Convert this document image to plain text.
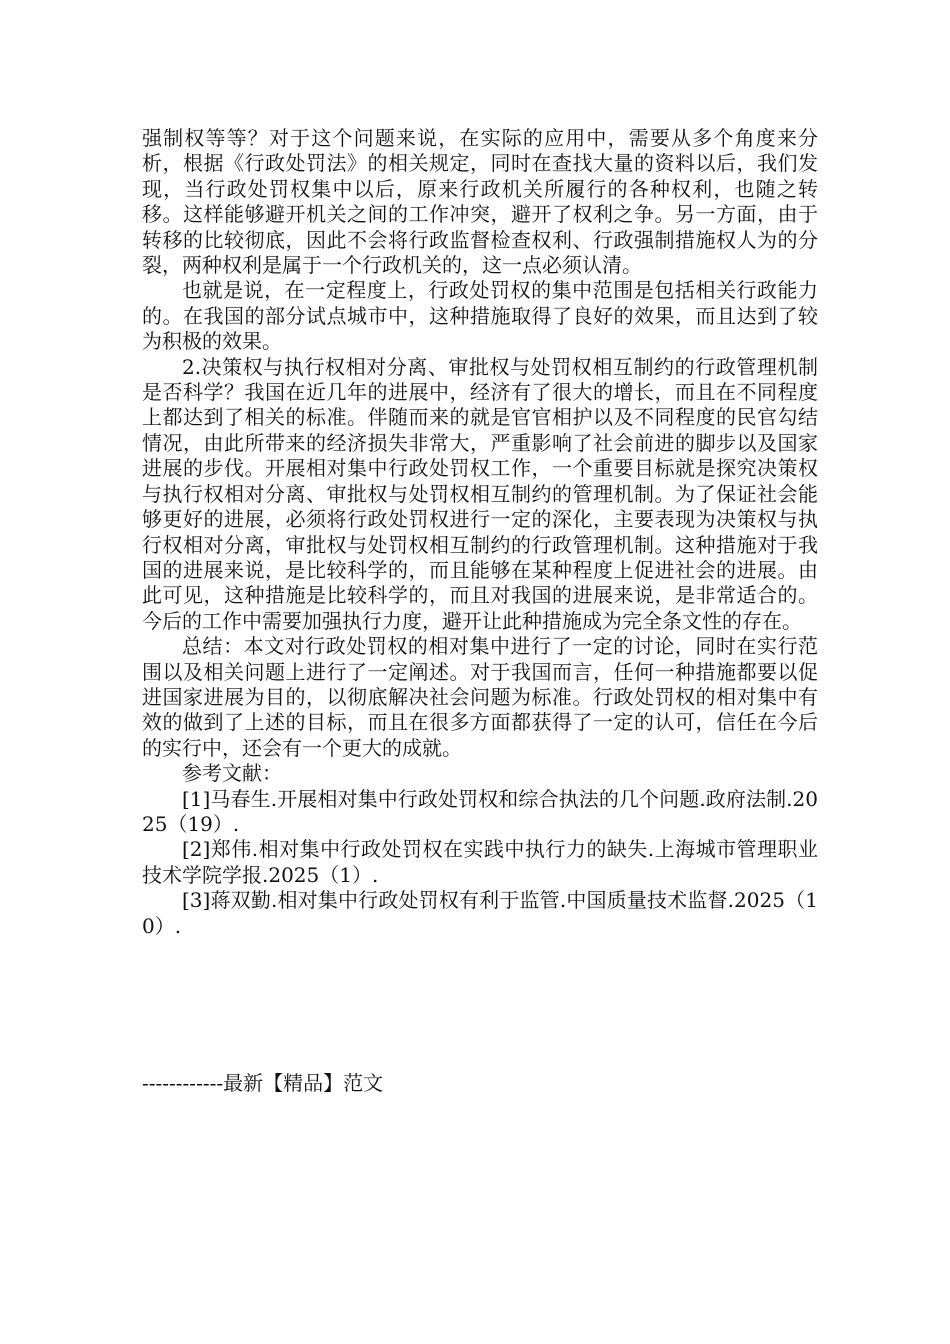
强制权等等？对于这个问题来说，在实际的应用中，需要从多个角度来分析，根据《行政处罚法》的相关规定，同时在查找大量的资料以后，我们发现，当行政处罚权集中以后，原来行政机关所履行的各种权利，也随之转移。这样能够避开机关之间的工作冲突，避开了权利之争。另一方面，由于转移的比较彻底，因此不会将行政监督检查权利、行政强制措施权人为的分裂，两种权利是属于一个行政机关的，这一点必须认清。

也就是说，在一定程度上，行政处罚权的集中范围是包括相关行政能力的。在我国的部分试点城市中，这种措施取得了良好的效果，而且达到了较为积极的效果。

2.决策权与执行权相对分离、审批权与处罚权相互制约的行政管理机制是否科学？我国在近几年的进展中，经济有了很大的增长，而且在不同程度上都达到了相关的标准。伴随而来的就是官官相护以及不同程度的民官勾结情况，由此所带来的经济损失非常大，严重影响了社会前进的脚步以及国家进展的步伐。开展相对集中行政处罚权工作，一个重要目标就是探究决策权与执行权相对分离、审批权与处罚权相互制约的管理机制。为了保证社会能够更好的进展，必须将行政处罚权进行一定的深化，主要表现为决策权与执行权相对分离，审批权与处罚权相互制约的行政管理机制。这种措施对于我国的进展来说，是比较科学的，而且能够在某种程度上促进社会的进展。由此可见，这种措施是比较科学的，而且对我国的进展来说，是非常适合的。今后的工作中需要加强执行力度，避开让此种措施成为完全条文性的存在。

总结：本文对行政处罚权的相对集中进行了一定的讨论，同时在实行范围以及相关问题上进行了一定阐述。对于我国而言，任何一种措施都要以促进国家进展为目的，以彻底解决社会问题为标准。行政处罚权的相对集中有效的做到了上述的目标，而且在很多方面都获得了一定的认可，信任在今后的实行中，还会有一个更大的成就。

参考文献：

[1]马春生.开展相对集中行政处罚权和综合执法的几个问题.政府法制.2025（19）.

[2]郑伟.相对集中行政处罚权在实践中执行力的缺失.上海城市管理职业技术学院学报.2025（1）.

[3]蒋双勤.相对集中行政处罚权有利于监管.中国质量技术监督.2025（10）.

------------最新【精品】范文
